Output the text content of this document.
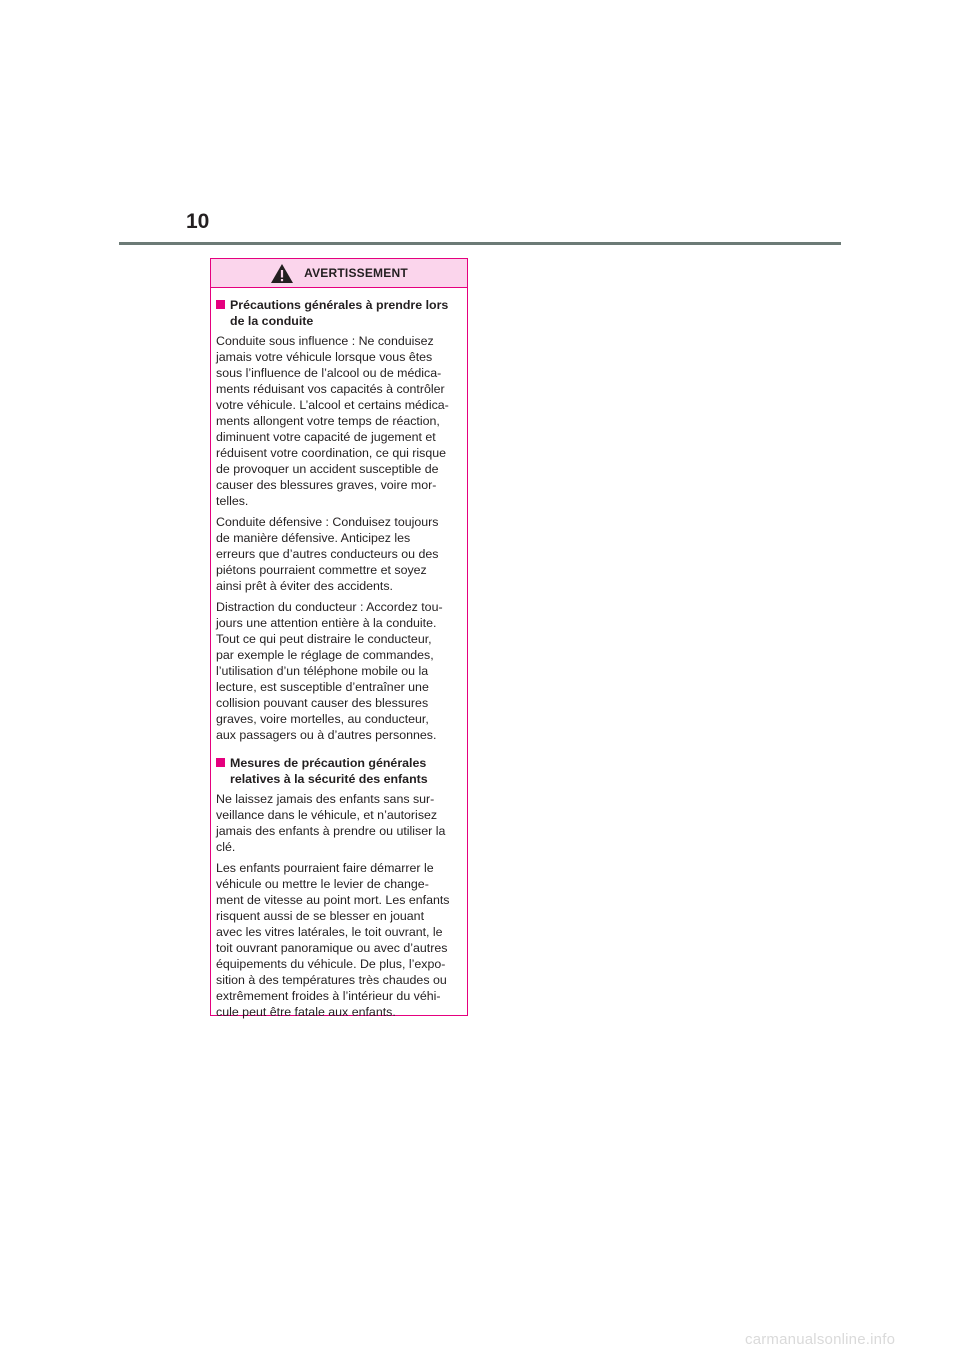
10
AVERTISSEMENT
Précautions générales à prendre lors
de la conduite

Conduite sous influence : Ne conduisez
jamais votre véhicule lorsque vous êtes
sous l’influence de l’alcool ou de médica-
ments réduisant vos capacités à contrôler
votre véhicule. L’alcool et certains médica-
ments allongent votre temps de réaction,
diminuent votre capacité de jugement et
réduisent votre coordination, ce qui risque
de provoquer un accident susceptible de
causer des blessures graves, voire mor-
telles.

Conduite défensive : Conduisez toujours
de manière défensive. Anticipez les
erreurs que d’autres conducteurs ou des
piétons pourraient commettre et soyez
ainsi prêt à éviter des accidents.

Distraction du conducteur : Accordez tou-
jours une attention entière à la conduite.
Tout ce qui peut distraire le conducteur,
par exemple le réglage de commandes,
l’utilisation d’un téléphone mobile ou la
lecture, est susceptible d’entraîner une
collision pouvant causer des blessures
graves, voire mortelles, au conducteur,
aux passagers ou à d’autres personnes.

Mesures de précaution générales
relatives à la sécurité des enfants

Ne laissez jamais des enfants sans sur-
veillance dans le véhicule, et n’autorisez
jamais des enfants à prendre ou utiliser la
clé.

Les enfants pourraient faire démarrer le
véhicule ou mettre le levier de change-
ment de vitesse au point mort. Les enfants
risquent aussi de se blesser en jouant
avec les vitres latérales, le toit ouvrant, le
toit ouvrant panoramique ou avec d’autres
équipements du véhicule. De plus, l’expo-
sition à des températures très chaudes ou
extrêmement froides à l’intérieur du véhi-
cule peut être fatale aux enfants.

carmanualsonline.info
